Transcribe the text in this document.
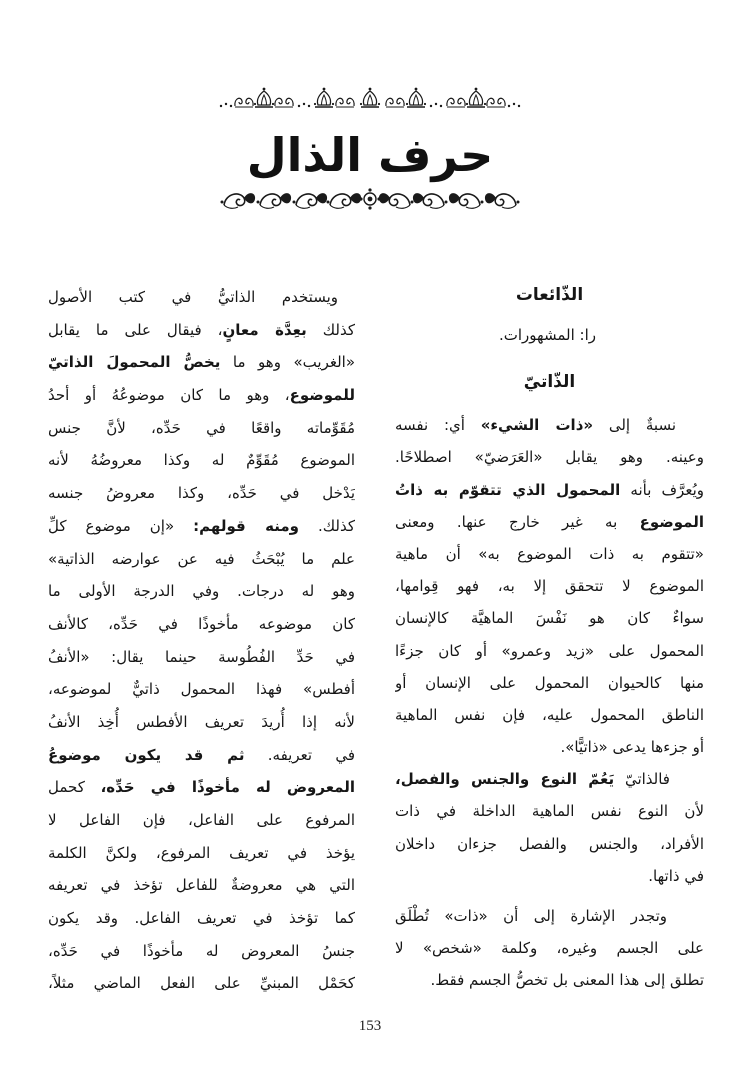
حرف الذال
الذّائعات
را: المشهورات.
الذّاتيّ
نسبةٌ إلى «ذات الشيء» أي: نفسه
وعينه. وهو يقابل «العَرَضيّ» اصطلاحًا.
ويُعرَّف بأنه المحمول الذي تتقوّم به ذاتُ
الموضوع به غير خارج عنها. ومعنى
«تتقوم به ذات الموضوع به» أن ماهية
الموضوع لا تتحقق إلا به، فهو قِوامها،
سواءٌ كان هو نَفْسَ الماهيَّة كالإنسان
المحمول على «زيد وعمرو» أو كان جزءًا
منها كالحيوان المحمول على الإنسان أو
الناطق المحمول عليه، فإن نفس الماهية
أو جزءها يدعى «ذاتيًّا».
فالذاتيّ يَعُمّ النوع والجنس والفصل،
لأن النوع نفس الماهية الداخلة في ذات
الأفراد، والجنس والفصل جزءان داخلان
في ذاتها.
وتجدر الإشارة إلى أن «ذات» تُطْلَق
على الجسم وغيره، وكلمة «شخص» لا
تطلق إلى هذا المعنى بل تخصُّ الجسم فقط.
ويستخدم الذاتيُّ في كتب الأصول
كذلك بعِدَّة معانٍ، فيقال على ما يقابل
«الغريب» وهو ما يخصُّ المحمولَ الذاتيّ
للموضوع، وهو ما كان موضوعُهُ أو أحدُ
مُقَوِّماته واقعًا في حَدِّه، لأنَّ جنس
الموضوع مُقَوِّمٌ له وكذا معروضُهُ لأنه
يَدْخل في حَدِّه، وكذا معروضُ جنسه
كذلك. ومنه قولهم: «إن موضوع كلِّ
علم ما يُبْحَثُ فيه عن عوارضه الذاتية»
وهو له درجات. وفي الدرجة الأولى ما
كان موضوعه مأخوذًا في حَدِّه، كالأنف
في حَدِّ الفُطُوسة حينما يقال: «الأنفُ
أفطس» فهذا المحمول ذاتيٌّ لموضوعه،
لأنه إذا أُريدَ تعريف الأفطس أُخِذ الأنفُ
في تعريفه. ثم قد يكون موضوعُ
المعروض له مأخوذًا في حَدِّه، كحمل
المرفوع على الفاعل، فإن الفاعل لا
يؤخذ في تعريف المرفوع، ولكنَّ الكلمة
التي هي معروضةٌ للفاعل تؤخذ في تعريفه
كما تؤخذ في تعريف الفاعل. وقد يكون
جنسُ المعروض له مأخوذًا في حَدِّه،
كحَمْل المبنيِّ على الفعل الماضي مثلاً،
153
